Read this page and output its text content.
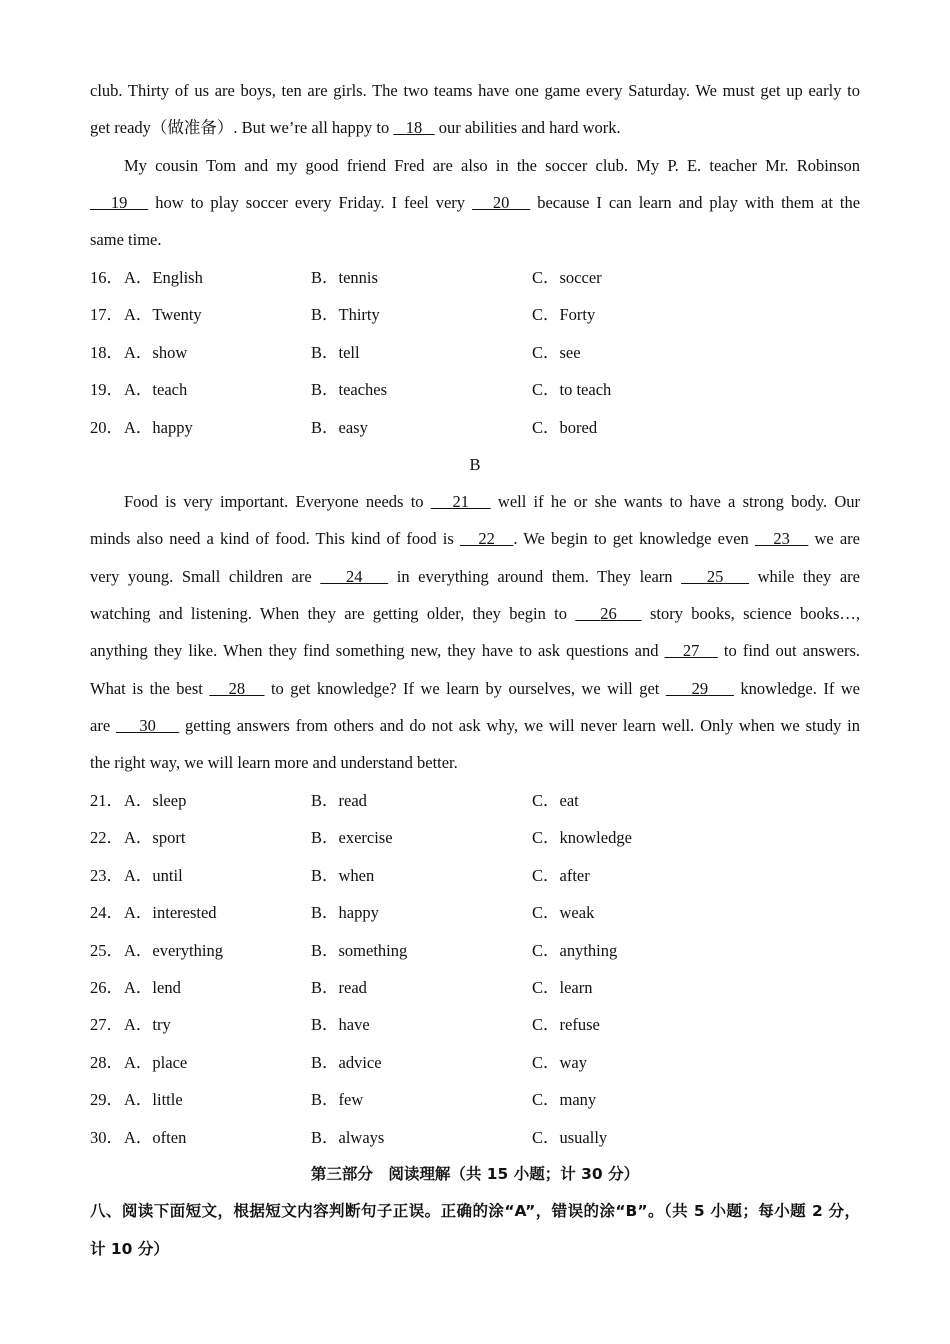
club. Thirty of us are boys, ten are girls. The two teams have one game every Saturday. We must get up early to
get ready（做准备）. But we’re all happy to    18    our abilities and hard work.
My cousin Tom and my good friend Fred are also in the soccer club. My P. E. teacher Mr. Robinson
19    how to play soccer every Friday. I feel very    20    because I can learn and play with them at the
same time.
16． A．English	B．tennis	C．soccer
17． A．Twenty	B．Thirty	C．Forty
18． A．show	B．tell	C．see
19． A．teach	B．teaches	C．to teach
20． A．happy	B．easy	C．bored
B
Food is very important. Everyone needs to    21    well if he or she wants to have a strong body. Our
minds also need a kind of food. This kind of food is    22 . We begin to get knowledge even    23    we are
very young. Small children are    24    in everything around them. They learn    25    while they are
watching and listening. When they are getting older, they begin to    26    story books, science books…,
anything they like. When they find something new, they have to ask questions and    27    to find out answers.
What is the best    28    to get knowledge? If we learn by ourselves, we will get     29     knowledge. If we
are     30     getting answers from others and do not ask why, we will never learn well. Only when we study in
the right way, we will learn more and understand better.
21． A．sleep	B．read	C．eat
22． A．sport	B．exercise	C．knowledge
23． A．until	B．when	C．after
24． A．interested	B．happy	C．weak
25． A．everything	B．something	C．anything
26． A．lend	B．read	C．learn
27． A．try	B．have	C．refuse
28． A．place	B．advice	C．way
29． A．little	B．few	C．many
30． A．often	B．always	C．usually
第三部分　阅读理解（共 15 小题；计 30 分）
八、阅读下面短文，根据短文内容判断句子正误。正确的涂“A”，错误的涂“B”。（共 5 小题；每小题 2 分，
计 10 分）
